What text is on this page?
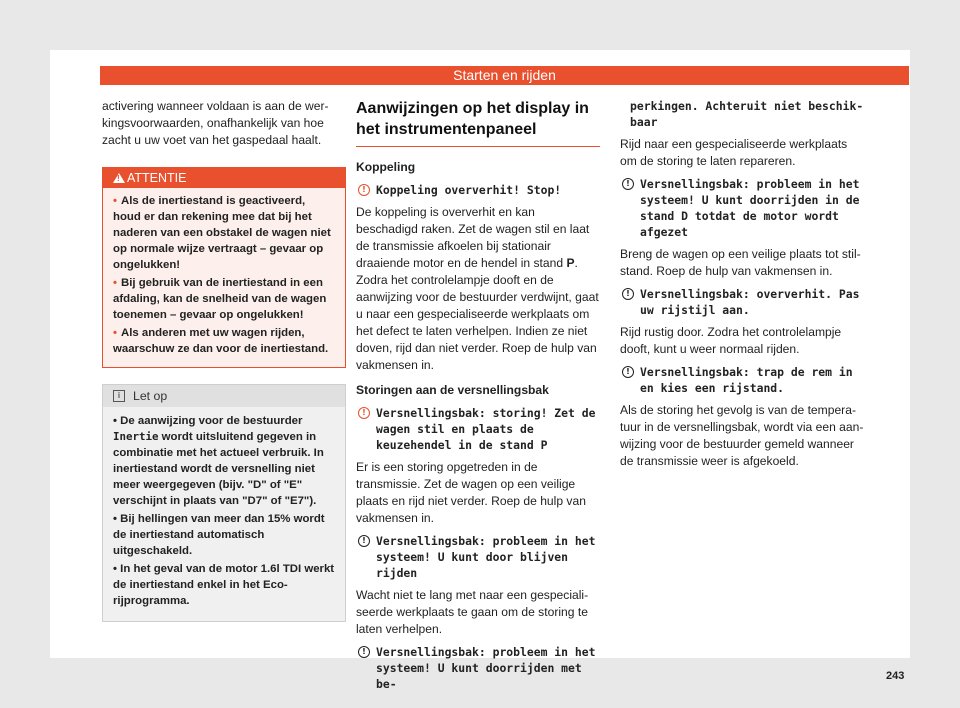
Starten en rijden

activering wanneer voldaan is aan de werkingsvoorwaarden, onafhankelijk van hoe zacht u uw voet van het gaspedaal haalt.

!
ATTENTIE
• Als de inertiestand is geactiveerd, houd er dan rekening mee dat bij het naderen van een obstakel de wagen niet op normale wijze vertraagt – gevaar op ongelukken!
• Bij gebruik van de inertiestand in een afdaling, kan de snelheid van de wagen toenemen – gevaar op ongelukken!
• Als anderen met uw wagen rijden, waarschuw ze dan voor de inertiestand.
i	Let op
• De aanwijzing voor de bestuurder Inertie wordt uitsluitend gegeven in combinatie met het actueel verbruik. In inertiestand wordt de versnelling niet meer weergegeven (bijv. "D" of "E" verschijnt in plaats van "D7" of "E7").
• Bij hellingen van meer dan 15% wordt de inertiestand automatisch uitgeschakeld.
• In het geval van de motor 1.6l TDI werkt de inertiestand enkel in het Eco-rijprogramma.
Aanwijzingen op het display in het instrumentenpaneel

Koppeling

! Koppeling oververhit! Stop!

De koppeling is oververhit en kan beschadigd raken. Zet de wagen stil en laat de transmissie afkoelen bij stationair draaiende motor en de hendel in stand P. Zodra het controlelampje dooft en de aanwijzing voor de bestuurder verdwijnt, gaat u naar een gespecialiseerde werkplaats om het defect te laten verhelpen. Indien ze niet doven, rijd dan niet verder. Roep de hulp van vakmensen in.

Storingen aan de versnellingsbak

! Versnellingsbak: storing! Zet de wagen stil en plaats de keuzehendel in de stand P

Er is een storing opgetreden in de transmissie. Zet de wagen op een veilige plaats en rijd niet verder. Roep de hulp van vakmensen in.

! Versnellingsbak: probleem in het systeem! U kunt door blijven rijden

Wacht niet te lang met naar een gespecialiseerde werkplaats te gaan om de storing te laten verhelpen.

! Versnellingsbak: probleem in het systeem! U kunt doorrijden met be-
perkingen. Achteruit niet beschikbaar

Rijd naar een gespecialiseerde werkplaats om de storing te laten repareren.

! Versnellingsbak: probleem in het systeem! U kunt doorrijden in de stand D totdat de motor wordt afgezet

Breng de wagen op een veilige plaats tot stilstand. Roep de hulp van vakmensen in.

! Versnellingsbak: oververhit. Pas uw rijstijl aan.

Rijd rustig door. Zodra het controlelampje dooft, kunt u weer normaal rijden.

! Versnellingsbak: trap de rem in en kies een rijstand.

Als de storing het gevolg is van de temperatuur in de versnellingsbak, wordt via een aanwijzing voor de bestuurder gemeld wanneer de transmissie weer is afgekoeld.

243
